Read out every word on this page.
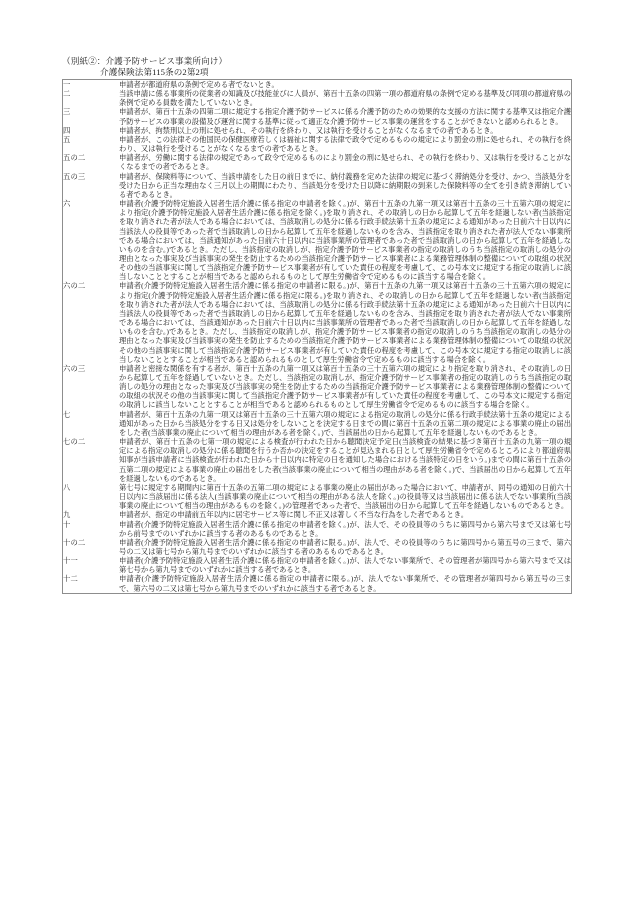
（別紙②：介護予防サービス事業所向け）
介護保険法第115条の2第2項
一	申請者が都道府県の条例で定める者でないとき。

二	当該申請に係る事業所の従業者の知識及び技能並びに人員が、第百十五条の四第一項の都道府県の条例で定める基準及び同項の都道府県の条例で定める員数を満たしていないとき。

三	申請者が、第百十五条の四第二項に規定する指定介護予防サービスに係る介護予防のための効果的な支援の方法に関する基準又は指定介護予防サービスの事業の設備及び運営に関する基準に従って適正な介護予防サービス事業の運営をすることができないと認められるとき。

四	申請者が、拘禁刑以上の刑に処せられ、その執行を終わり、又は執行を受けることがなくなるまでの者であるとき。

五	申請者が、この法律その他国民の保健医療若しくは福祉に関する法律で政令で定めるものの規定により罰金の刑に処せられ、その執行を終わり、又は執行を受けることがなくなるまでの者であるとき。

五の二	申請者が、労働に関する法律の規定であって政令で定めるものにより罰金の刑に処せられ、その執行を終わり、又は執行を受けることがなくなるまでの者であるとき。

五の三	申請者が、保険料等について、当該申請をした日の前日までに、納付義務を定めた法律の規定に基づく滞納処分を受け、かつ、当該処分を受けた日から正当な理由なく三月以上の期間にわたり、当該処分を受けた日以降に納期限の到来した保険料等の全てを引き続き滞納している者であるとき。

六	申請者(介護予防特定施設入居者生活介護に係る指定の申請者を除く。)が、第百十五条の九第一項又は第百十五条の三十五第六項の規定により指定(介護予防特定施設入居者生活介護に係る指定を除く。)を取り消され、その取消しの日から起算して五年を経過しない者(当該指定を取り消された者が法人である場合においては、当該取消しの処分に係る行政手続法第十五条の規定による通知があった日前六十日以内に当該法人の役員等であった者で当該取消しの日から起算して五年を経過しないものを含み、当該指定を取り消された者が法人でない事業所である場合においては、当該通知があった日前六十日以内に当該事業所の管理者であった者で当該取消しの日から起算して五年を経過しないものを含む。)であるとき。ただし、当該指定の取消しが、指定介護予防サービス事業者の指定の取消しのうち当該指定の取消しの処分の理由となった事実及び当該事実の発生を防止するための当該指定介護予防サービス事業者による業務管理体制の整備についての取組の状況その他の当該事実に関して当該指定介護予防サービス事業者が有していた責任の程度を考慮して、この号本文に規定する指定の取消しに該当しないこととすることが相当であると認められるものとして厚生労働省令で定めるものに該当する場合を除く。

六の二	申請者(介護予防特定施設入居者生活介護に係る指定の申請者に限る。)が、第百十五条の九第一項又は第百十五条の三十五第六項の規定により指定(介護予防特定施設入居者生活介護に係る指定に限る。)を取り消され、その取消しの日から起算して五年を経過しない者(当該指定を取り消された者が法人である場合においては、当該取消しの処分に係る行政手続法第十五条の規定による通知があった日前六十日以内に当該法人の役員等であった者で当該取消しの日から起算して五年を経過しないものを含み、当該指定を取り消された者が法人でない事業所である場合においては、当該通知があった日前六十日以内に当該事業所の管理者であった者で当該取消しの日から起算して五年を経過しないものを含む。)であるとき。ただし、当該指定の取消しが、指定介護予防サービス事業者の指定の取消しのうち当該指定の取消しの処分の理由となった事実及び当該事実の発生を防止するための当該指定介護予防サービス事業者による業務管理体制の整備についての取組の状況その他の当該事実に関して当該指定介護予防サービス事業者が有していた責任の程度を考慮して、この号本文に規定する指定の取消しに該当しないこととすることが相当であると認められるものとして厚生労働省令で定めるものに該当する場合を除く。

六の三	申請者と密接な関係を有する者が、第百十五条の九第一項又は第百十五条の三十五第六項の規定により指定を取り消され、その取消しの日から起算して五年を経過していないとき。ただし、当該指定の取消しが、指定介護予防サービス事業者の指定の取消しのうち当該指定の取消しの処分の理由となった事実及び当該事実の発生を防止するための当該指定介護予防サービス事業者による業務管理体制の整備についての取組の状況その他の当該事実に関して当該指定介護予防サービス事業者が有していた責任の程度を考慮して、この号本文に規定する指定の取消しに該当しないこととすることが相当であると認められるものとして厚生労働省令で定めるものに該当する場合を除く。

七	申請者が、第百十五条の九第一項又は第百十五条の三十五第六項の規定による指定の取消しの処分に係る行政手続法第十五条の規定による通知があった日から当該処分をする日又は処分をしないことを決定する日までの間に第百十五条の五第二項の規定による事業の廃止の届出をした者(当該事業の廃止について相当の理由がある者を除く。)で、当該届出の日から起算して五年を経過しないものであるとき。

七の二	申請者が、第百十五条の七第一項の規定による検査が行われた日から聴聞決定予定日(当該検査の結果に基づき第百十五条の九第一項の規定による指定の取消しの処分に係る聴聞を行うか否かの決定をすることが見込まれる日として厚生労働省令で定めるところにより都道府県知事が当該申請者に当該検査が行われた日から十日以内に特定の日を通知した場合における当該特定の日をいう。)までの間に第百十五条の五第二項の規定による事業の廃止の届出をした者(当該事業の廃止について相当の理由がある者を除く。)で、当該届出の日から起算して五年を経過しないものであるとき。

八	第七号に規定する期間内に第百十五条の五第二項の規定による事業の廃止の届出があった場合において、申請者が、同号の通知の日前六十日以内に当該届出に係る法人(当該事業の廃止について相当の理由がある法人を除く。)の役員等又は当該届出に係る法人でない事業所(当該事業の廃止について相当の理由があるものを除く。)の管理者であった者で、当該届出の日から起算して五年を経過しないものであるとき。

九	申請者が、指定の申請前五年以内に居宅サービス等に関し不正又は著しく不当な行為をした者であるとき。

十	申請者(介護予防特定施設入居者生活介護に係る指定の申請者を除く。)が、法人で、その役員等のうちに第四号から第六号まで又は第七号から前号までのいずれかに該当する者のあるものであるとき。

十の二	申請者(介護予防特定施設入居者生活介護に係る指定の申請者に限る。)が、法人で、その役員等のうちに第四号から第五号の三まで、第六号の二又は第七号から第九号までのいずれかに該当する者のあるものであるとき。

十一	申請者(介護予防特定施設入居者生活介護に係る指定の申請者を除く。)が、法人でない事業所で、その管理者が第四号から第六号まで又は第七号から第九号までのいずれかに該当する者であるとき。

十二	申請者(介護予防特定施設入居者生活介護に係る指定の申請者に限る。)が、法人でない事業所で、その管理者が第四号から第五号の三まで、第六号の二又は第七号から第九号までのいずれかに該当する者であるとき。
